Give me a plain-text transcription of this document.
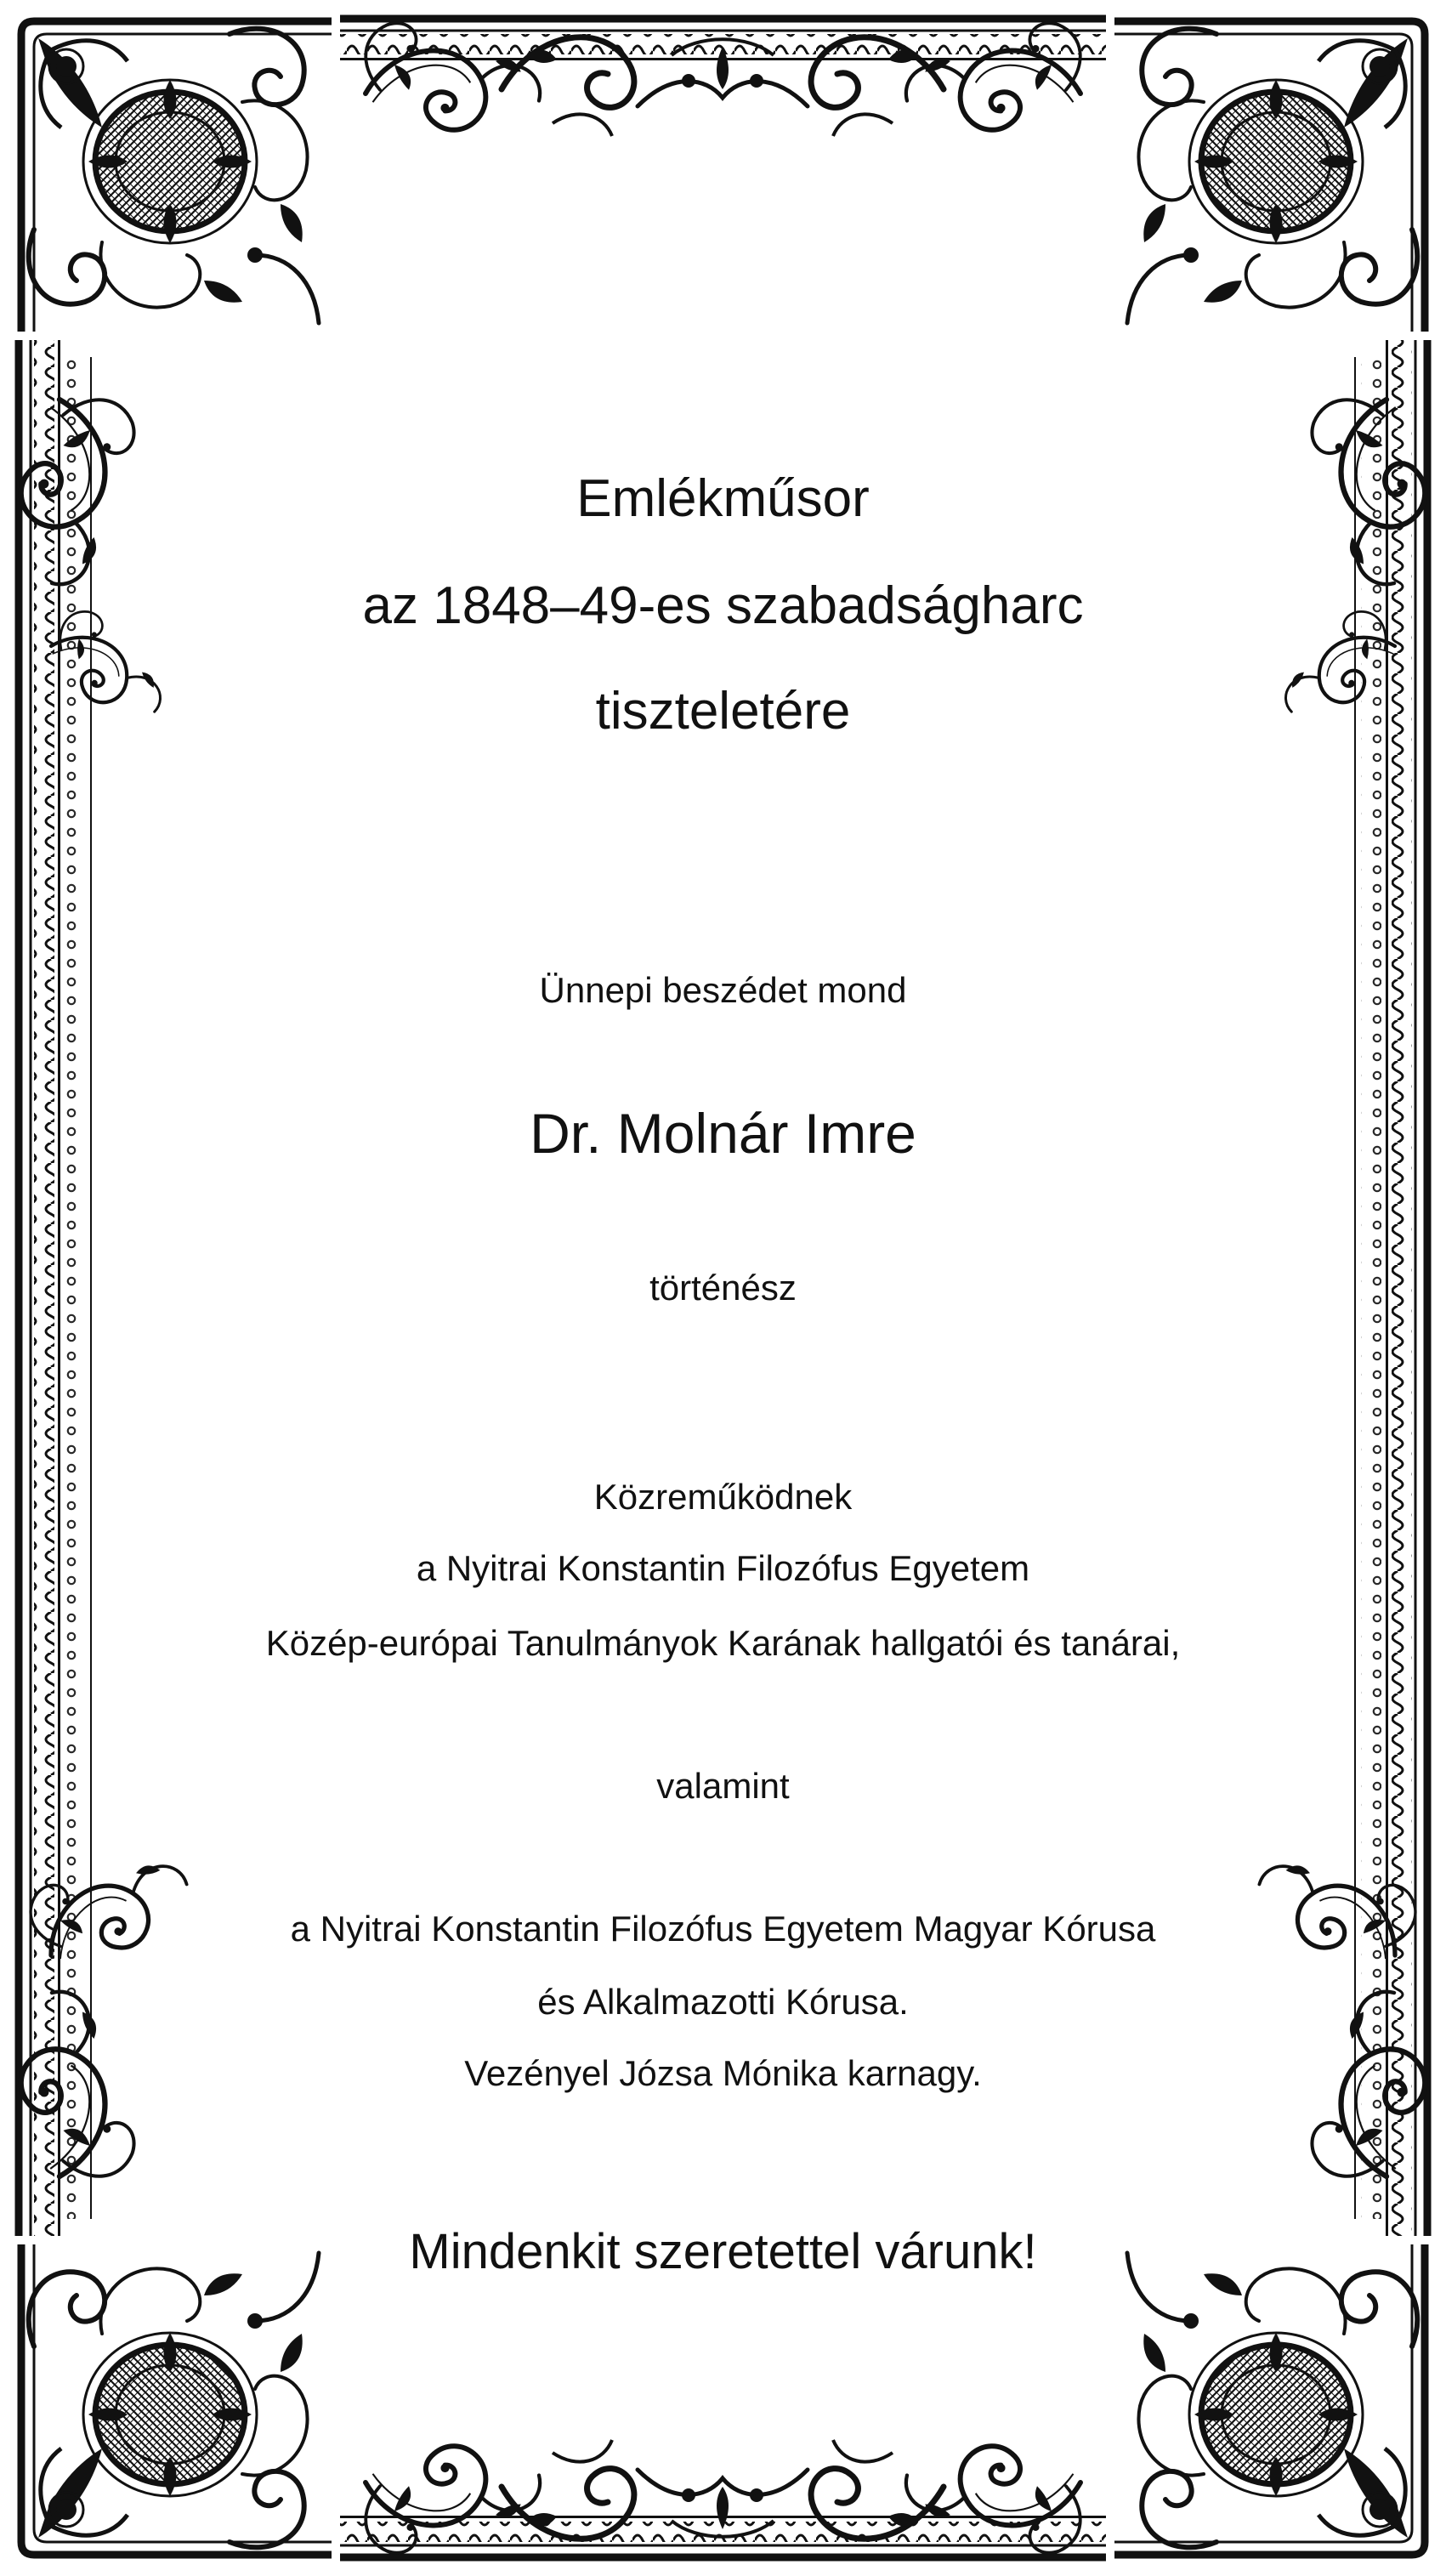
Emlékműsor
az 1848–49-es szabadságharc
tiszteletére
Ünnepi beszédet mond
Dr. Molnár Imre
történész
Közreműködnek
a Nyitrai Konstantin Filozófus Egyetem
Közép-európai Tanulmányok Karának hallgatói és tanárai,
valamint
a Nyitrai Konstantin Filozófus Egyetem Magyar Kórusa
és Alkalmazotti Kórusa.
Vezényel Józsa Mónika karnagy.
Mindenkit szeretettel várunk!
